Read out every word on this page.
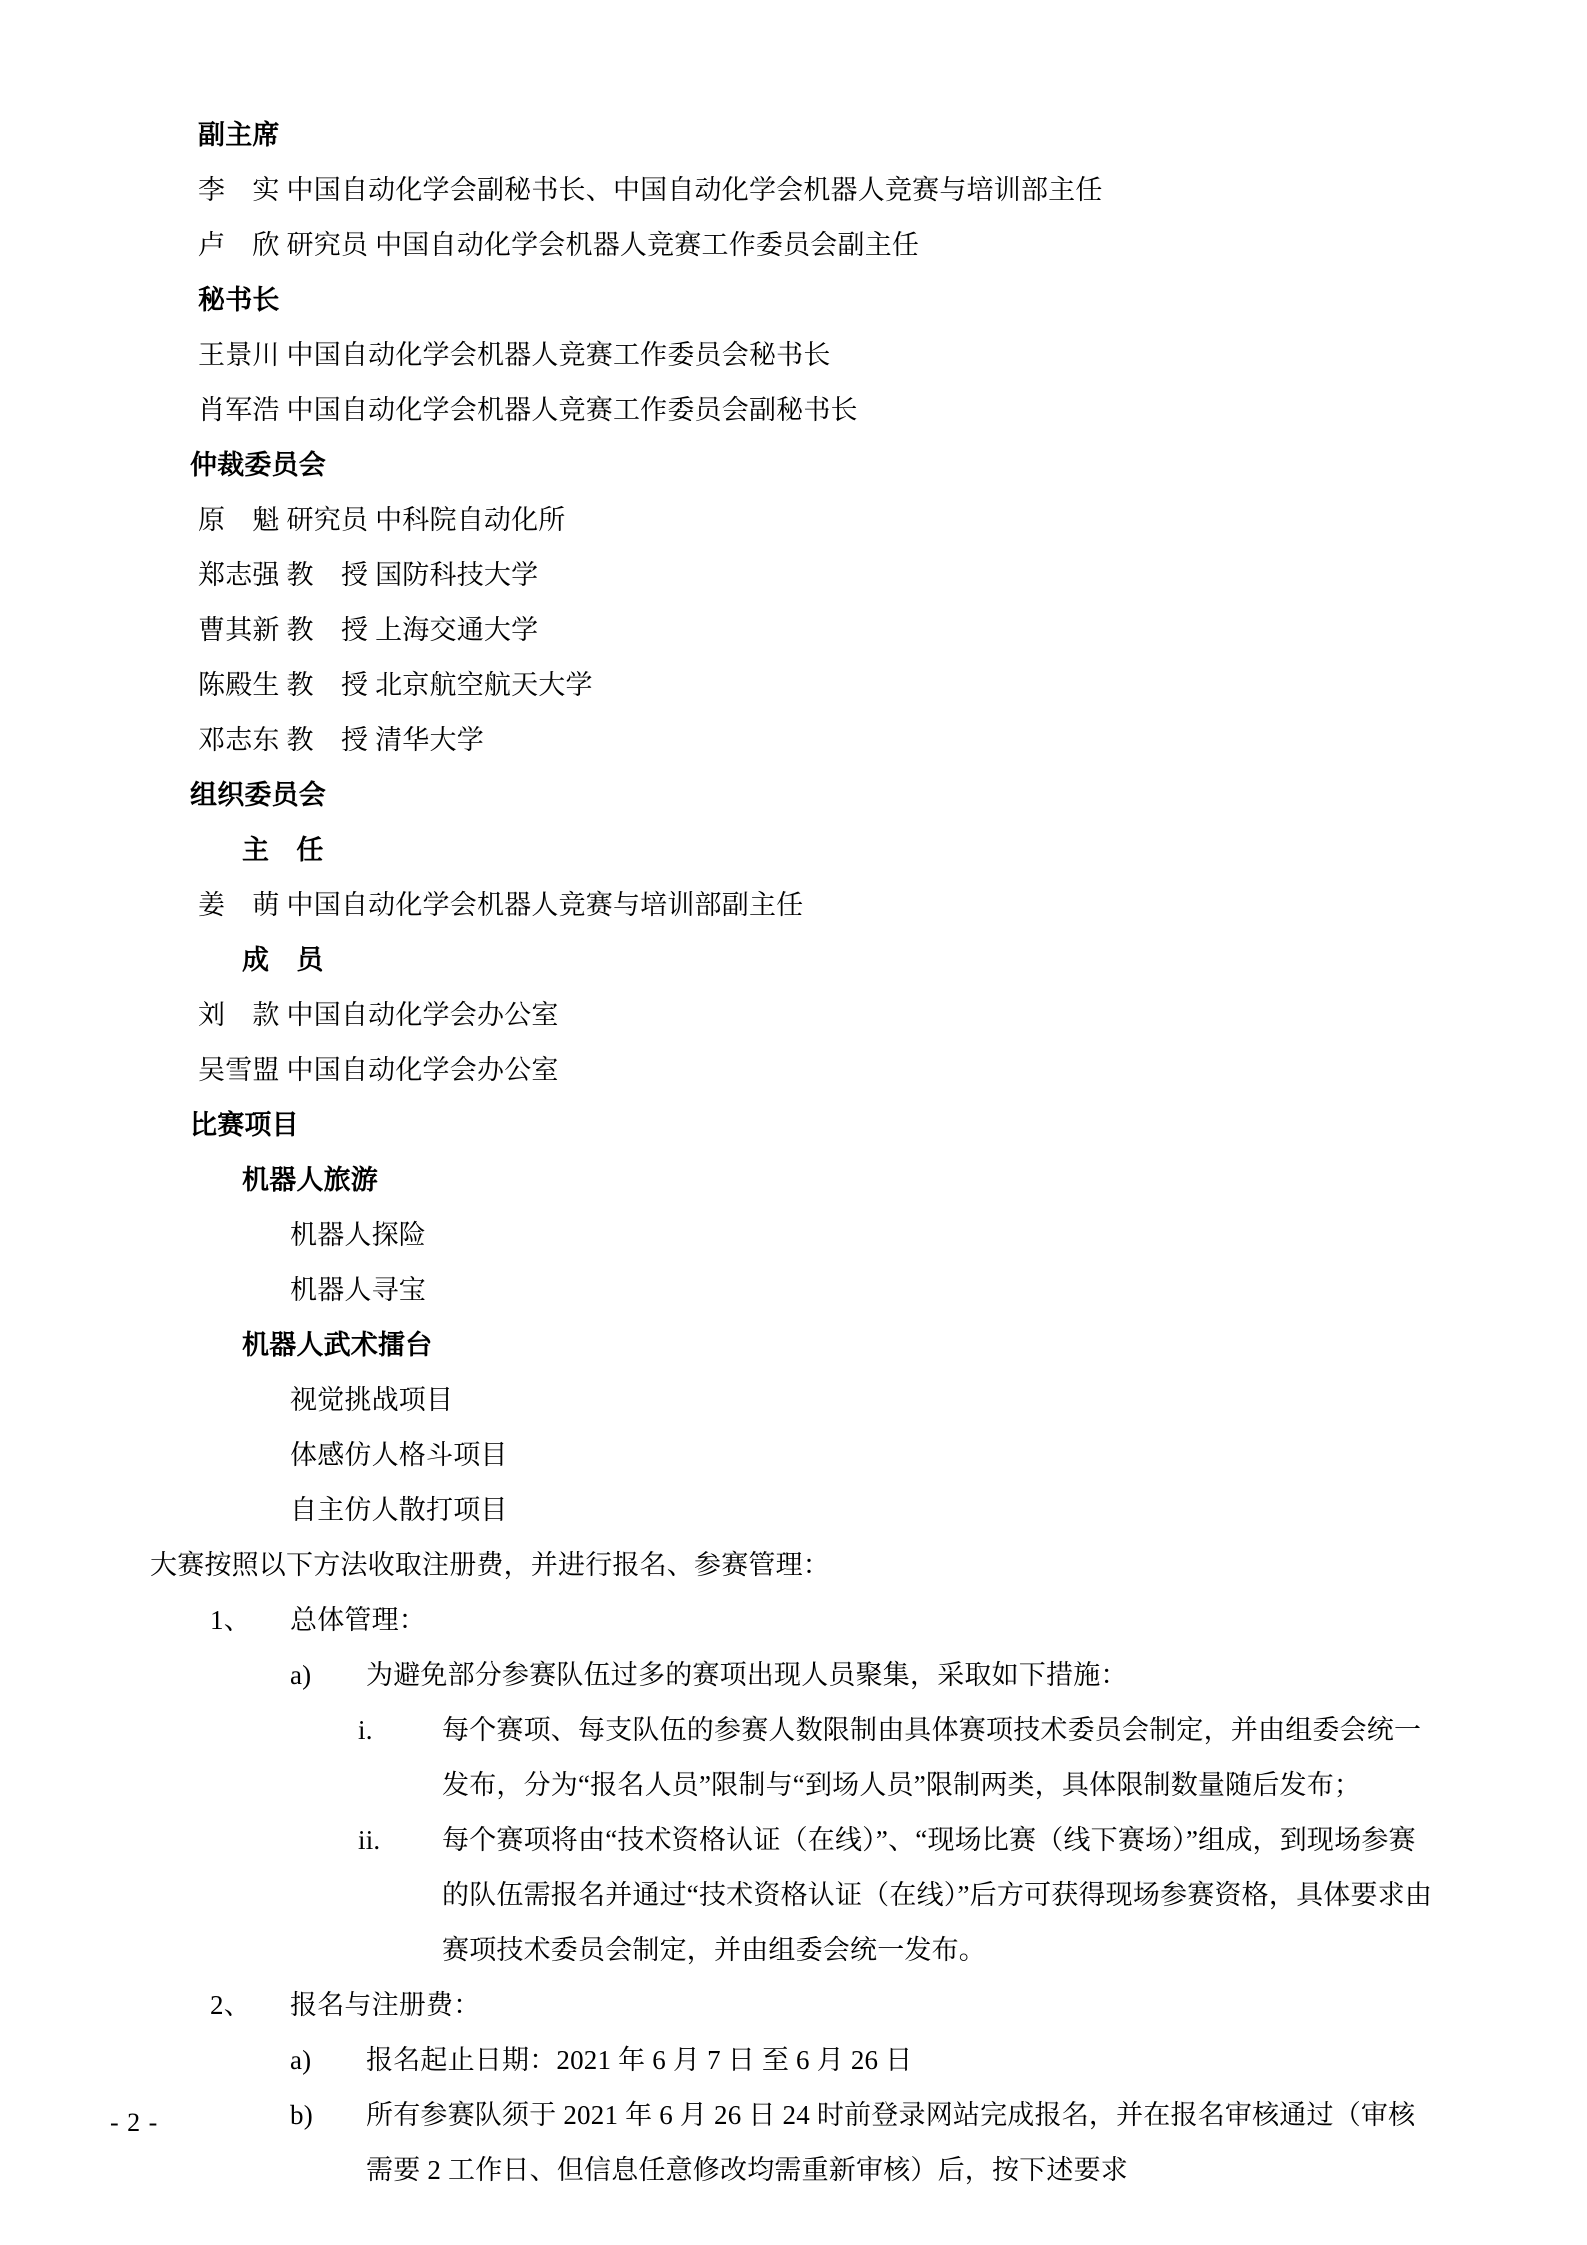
副主席
李　实 中国自动化学会副秘书长、中国自动化学会机器人竞赛与培训部主任
卢　欣 研究员 中国自动化学会机器人竞赛工作委员会副主任
秘书长
王景川 中国自动化学会机器人竞赛工作委员会秘书长
肖军浩 中国自动化学会机器人竞赛工作委员会副秘书长
仲裁委员会
原　魁 研究员 中科院自动化所
郑志强 教　授 国防科技大学
曹其新 教　授 上海交通大学
陈殿生 教　授 北京航空航天大学
邓志东 教　授 清华大学
组织委员会
主　任
姜　萌 中国自动化学会机器人竞赛与培训部副主任
成　员
刘　款 中国自动化学会办公室
吴雪盟 中国自动化学会办公室
比赛项目
机器人旅游
机器人探险
机器人寻宝
机器人武术擂台
视觉挑战项目
体感仿人格斗项目
自主仿人散打项目
大赛按照以下方法收取注册费，并进行报名、参赛管理：
1、	总体管理：
a)	为避免部分参赛队伍过多的赛项出现人员聚集，采取如下措施：
i.	每个赛项、每支队伍的参赛人数限制由具体赛项技术委员会制定，并由组委会统一发布，分为“报名人员”限制与“到场人员”限制两类，具体限制数量随后发布；
ii.	每个赛项将由“技术资格认证（在线）”、“现场比赛（线下赛场）”组成，到现场参赛的队伍需报名并通过“技术资格认证（在线）”后方可获得现场参赛资格，具体要求由赛项技术委员会制定，并由组委会统一发布。
2、	报名与注册费：
a)	报名起止日期：2021 年 6 月 7 日 至 6 月 26 日
b)	所有参赛队须于 2021 年 6 月 26 日 24 时前登录网站完成报名，并在报名审核通过（审核需要 2 工作日、但信息任意修改均需重新审核）后，按下述要求
- 2 -
